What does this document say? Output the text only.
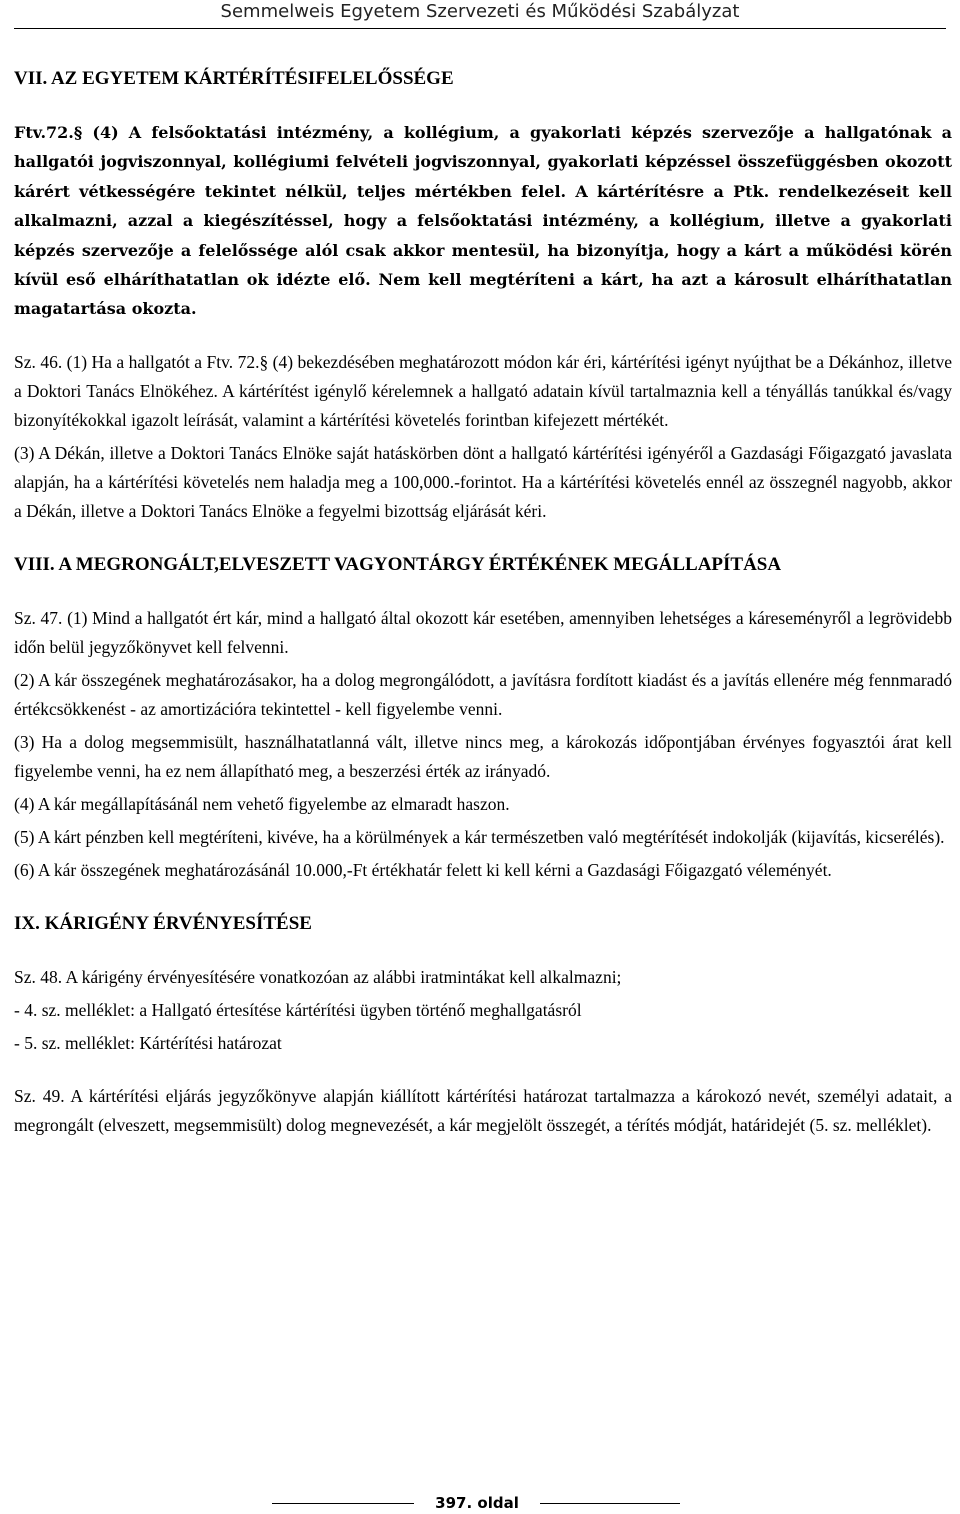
Semmelweis Egyetem Szervezeti és Működési Szabályzat
VII. AZ EGYETEM KÁRTÉRÍTÉSIFELELŐSSÉGE

Ftv.72.§ (4) A felsőoktatási intézmény, a kollégium, a gyakorlati képzés szervezője a hallgatónak a hallgatói jogviszonnyal, kollégiumi felvételi jogviszonnyal, gyakorlati képzéssel összefüggésben okozott kárért vétkességére tekintet nélkül, teljes mértékben felel. A kártérítésre a Ptk. rendelkezéseit kell alkalmazni, azzal a kiegészítéssel, hogy a felsőoktatási intézmény, a kollégium, illetve a gyakorlati képzés szervezője a felelőssége alól csak akkor mentesül, ha bizonyítja, hogy a kárt a működési körén kívül eső elháríthatatlan ok idézte elő. Nem kell megtéríteni a kárt, ha azt a károsult elháríthatatlan magatartása okozta.

Sz. 46. (1) Ha a hallgatót a Ftv. 72.§ (4) bekezdésében meghatározott módon kár éri, kártérítési igényt nyújthat be a Dékánhoz, illetve a Doktori Tanács Elnökéhez. A kártérítést igénylő kérelemnek a hallgató adatain kívül tartalmaznia kell a tényállás tanúkkal és/vagy bizonyítékokkal igazolt leírását, valamint a kártérítési követelés forintban kifejezett mértékét.

(3) A Dékán, illetve a Doktori Tanács Elnöke saját hatáskörben dönt a hallgató kártérítési igényéről a Gazdasági Főigazgató javaslata alapján, ha a kártérítési követelés nem haladja meg a 100,000.-forintot. Ha a kártérítési követelés ennél az összegnél nagyobb, akkor a Dékán, illetve a Doktori Tanács Elnöke a fegyelmi bizottság eljárását kéri.

VIII. A MEGRONGÁLT,ELVESZETT VAGYONTÁRGY ÉRTÉKÉNEK MEGÁLLAPÍTÁSA

Sz. 47. (1) Mind a hallgatót ért kár, mind a hallgató által okozott kár esetében, amennyiben lehetséges a káreseményről a legrövidebb időn belül jegyzőkönyvet kell felvenni.

(2) A kár összegének meghatározásakor, ha a dolog megrongálódott, a javításra fordított kiadást és a javítás ellenére még fennmaradó értékcsökkenést - az amortizációra tekintettel - kell figyelembe venni.

(3) Ha a dolog megsemmisült, használhatatlanná vált, illetve nincs meg, a károkozás időpontjában érvényes fogyasztói árat kell figyelembe venni, ha ez nem állapítható meg, a beszerzési érték az irányadó.

(4) A kár megállapításánál nem vehető figyelembe az elmaradt haszon.

(5) A kárt pénzben kell megtéríteni, kivéve, ha a körülmények a kár természetben való megtérítését indokolják (kijavítás, kicserélés).

(6) A kár összegének meghatározásánál 10.000,-Ft értékhatár felett ki kell kérni a Gazdasági Főigazgató véleményét.

IX. KÁRIGÉNY ÉRVÉNYESÍTÉSE

Sz. 48. A kárigény érvényesítésére vonatkozóan az alábbi iratmintákat kell alkalmazni;

- 4. sz. melléklet: a Hallgató értesítése kártérítési ügyben történő meghallgatásról

- 5. sz. melléklet: Kártérítési határozat

Sz. 49. A kártérítési eljárás jegyzőkönyve alapján kiállított kártérítési határozat tartalmazza a károkozó nevét, személyi adatait, a megrongált (elveszett, megsemmisült) dolog megnevezését, a kár megjelölt összegét, a térítés módját, határidejét (5. sz. melléklet).

397. oldal
